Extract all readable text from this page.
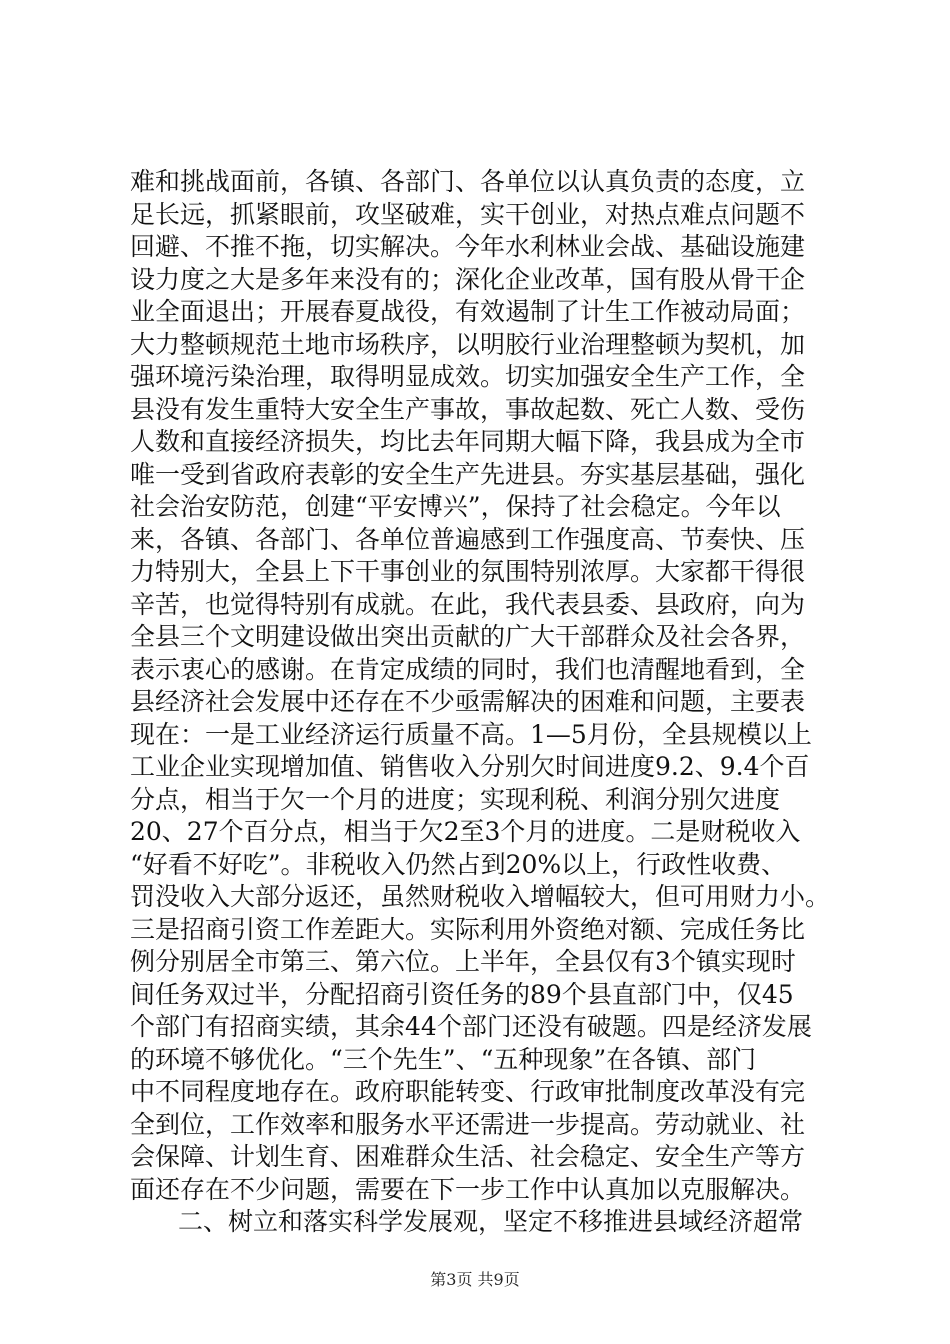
难和挑战面前，各镇、各部门、各单位以认真负责的态度，立
足长远，抓紧眼前，攻坚破难，实干创业，对热点难点问题不
回避、不推不拖，切实解决。今年水利林业会战、基础设施建
设力度之大是多年来没有的；深化企业改革，国有股从骨干企
业全面退出；开展春夏战役，有效遏制了计生工作被动局面；
大力整顿规范土地市场秩序，以明胶行业治理整顿为契机，加
强环境污染治理，取得明显成效。切实加强安全生产工作，全
县没有发生重特大安全生产事故，事故起数、死亡人数、受伤
人数和直接经济损失，均比去年同期大幅下降，我县成为全市
唯一受到省政府表彰的安全生产先进县。夯实基层基础，强化
社会治安防范，创建“平安博兴”，保持了社会稳定。今年以
来，各镇、各部门、各单位普遍感到工作强度高、节奏快、压
力特别大，全县上下干事创业的氛围特别浓厚。大家都干得很
辛苦，也觉得特别有成就。在此，我代表县委、县政府，向为
全县三个文明建设做出突出贡献的广大干部群众及社会各界，
表示衷心的感谢。在肯定成绩的同时，我们也清醒地看到，全
县经济社会发展中还存在不少亟需解决的困难和问题，主要表
现在：一是工业经济运行质量不高。1—5月份，全县规模以上
工业企业实现增加值、销售收入分别欠时间进度9.2、9.4个百
分点，相当于欠一个月的进度；实现利税、利润分别欠进度
20、27个百分点，相当于欠2至3个月的进度。二是财税收入
“好看不好吃”。非税收入仍然占到20%以上，行政性收费、
罚没收入大部分返还，虽然财税收入增幅较大，但可用财力小。
三是招商引资工作差距大。实际利用外资绝对额、完成任务比
例分别居全市第三、第六位。上半年，全县仅有3个镇实现时
间任务双过半，分配招商引资任务的89个县直部门中，仅45
个部门有招商实绩，其余44个部门还没有破题。四是经济发展
的环境不够优化。“三个先生”、“五种现象”在各镇、部门
中不同程度地存在。政府职能转变、行政审批制度改革没有完
全到位，工作效率和服务水平还需进一步提高。劳动就业、社
会保障、计划生育、困难群众生活、社会稳定、安全生产等方
面还存在不少问题，需要在下一步工作中认真加以克服解决。
二、树立和落实科学发展观，坚定不移推进县域经济超常
第3页 共9页
